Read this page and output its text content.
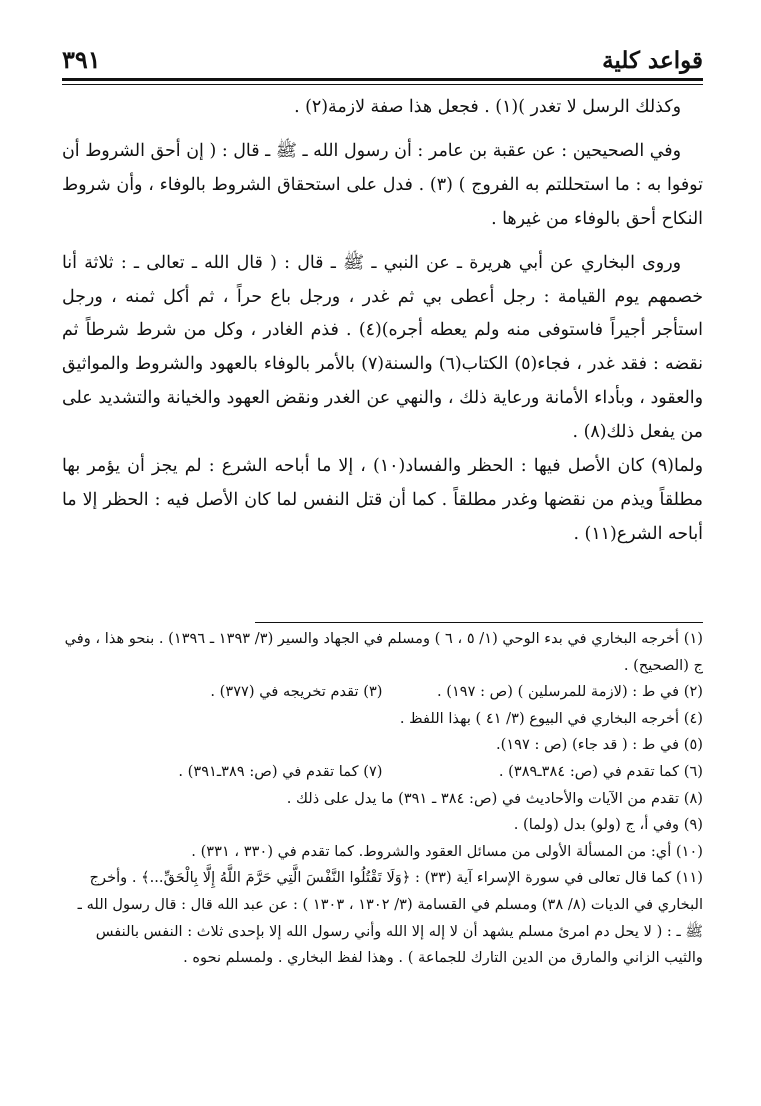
قواعد كلية
٣٩١

وكذلك الرسل لا تغدر )(١) . فجعل هذا صفة لازمة(٢) .

وفي الصحيحين : عن عقبة بن عامر : أن رسول الله ـ ﷺ ـ قال : ( إن أحق الشروط أن توفوا به : ما استحللتم به الفروج ) (٣) . فدل على استحقاق الشروط بالوفاء ، وأن شروط النكاح أحق بالوفاء من غيرها .

وروى البخاري عن أبي هريرة ـ عن النبي ـ ﷺ ـ قال : ( قال الله ـ تعالى ـ : ثلاثة أنا خصمهم يوم القيامة : رجل أعطى بي ثم غدر ، ورجل باع حراً ، ثم أكل ثمنه ، ورجل استأجر أجيراً فاستوفى منه ولم يعطه أجره)(٤) . فذم الغادر ، وكل من شرط شرطاً ثم نقضه : فقد غدر ، فجاء(٥) الكتاب(٦) والسنة(٧) بالأمر بالوفاء بالعهود والشروط والمواثيق والعقود ، وبأداء الأمانة ورعاية ذلك ، والنهي عن الغدر ونقض العهود والخيانة والتشديد على من يفعل ذلك(٨) .

ولما(٩) كان الأصل فيها : الحظر والفساد(١٠) ، إلا ما أباحه الشرع : لم يجز أن يؤمر بها مطلقاً ويذم من نقضها وغدر مطلقاً . كما أن قتل النفس لما كان الأصل فيه : الحظر إلا ما أباحه الشرع(١١) .

(١) أخرجه البخاري في بدء الوحي (١/ ٥ ، ٦ ) ومسلم في الجهاد والسير (٣/ ١٣٩٣ ـ ١٣٩٦) . بنحو هذا ، وفي ج (الصحيح) .

(٢) في ط : (لازمة للمرسلين ) (ص : ١٩٧) .

(٣) تقدم تخريجه في (٣٧٧) .

(٤) أخرجه البخاري في البيوع (٣/ ٤١ ) بهذا اللفظ .

(٥) في ط : ( قد جاء) (ص : ١٩٧).

(٦) كما تقدم في (ص: ٣٨٤ـ٣٨٩) .

(٧) كما تقدم في (ص: ٣٨٩ـ٣٩١) .

(٨) تقدم من الآيات والأحاديث في (ص: ٣٨٤ ـ ٣٩١) ما يدل على ذلك .

(٩) وفي أ، ج (ولو) بدل (ولما) .

(١٠) أي: من المسألة الأولى من مسائل العقود والشروط. كما تقدم في (٣٣٠ ، ٣٣١) .

(١١) كما قال تعالى في سورة الإسراء آية (٣٣) : ﴿وَلَا تَقْتُلُوا النَّفْسَ الَّتِي حَرَّمَ اللَّهُ إِلَّا بِالْحَقِّ...﴾ . وأخرج البخاري في الديات (٨/ ٣٨) ومسلم في القسامة (٣/ ١٣٠٢ ، ١٣٠٣ ) : عن عبد الله قال : قال رسول الله ـ ﷺ ـ : ( لا يحل دم امرئ مسلم يشهد أن لا إله إلا الله وأني رسول الله إلا بإحدى ثلاث : النفس بالنفس والثيب الزاني والمارق من الدين التارك للجماعة ) . وهذا لفظ البخاري . ولمسلم نحوه .
